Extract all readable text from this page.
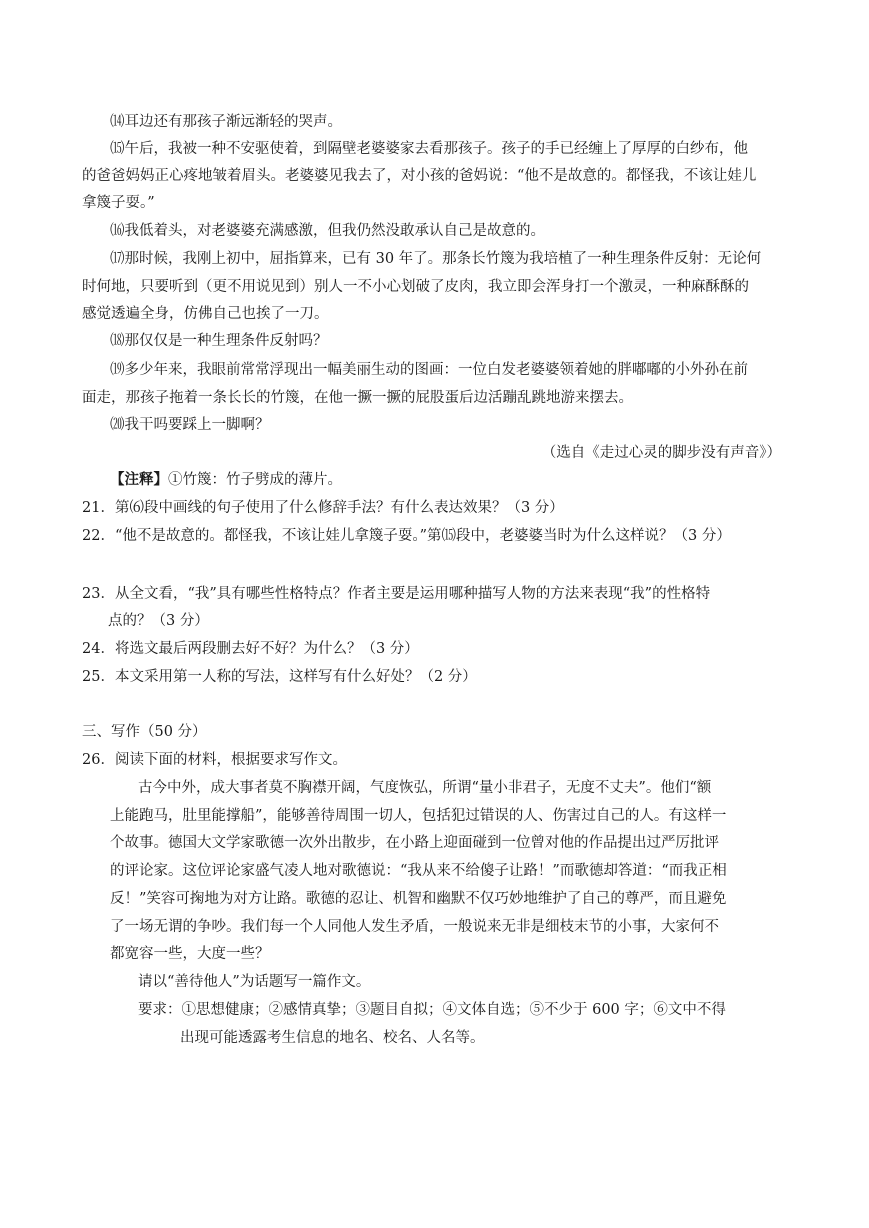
⒁耳边还有那孩子渐远渐轻的哭声。
⒂午后，我被一种不安驱使着，到隔壁老婆婆家去看那孩子。孩子的手已经缠上了厚厚的白纱布，他
的爸爸妈妈正心疼地皱着眉头。老婆婆见我去了，对小孩的爸妈说：“他不是故意的。都怪我，不该让娃儿
拿篾子耍。”
⒃我低着头，对老婆婆充满感激，但我仍然没敢承认自己是故意的。
⒄那时候，我刚上初中，屈指算来，已有 30 年了。那条长竹篾为我培植了一种生理条件反射：无论何
时何地，只要听到（更不用说见到）别人一不小心划破了皮肉，我立即会浑身打一个激灵，一种麻酥酥的
感觉透遍全身，仿佛自己也挨了一刀。
⒅那仅仅是一种生理条件反射吗？
⒆多少年来，我眼前常常浮现出一幅美丽生动的图画：一位白发老婆婆领着她的胖嘟嘟的小外孙在前
面走，那孩子拖着一条长长的竹篾，在他一撅一撅的屁股蛋后边活蹦乱跳地游来摆去。
⒇我干吗要踩上一脚啊？
（选自《走过心灵的脚步没有声音》）
【注释】①竹篾：竹子劈成的薄片。
21．第⑹段中画线的句子使用了什么修辞手法？有什么表达效果？（3 分）
22．“他不是故意的。都怪我，不该让娃儿拿篾子耍。”第⒂段中，老婆婆当时为什么这样说？（3 分）
23．从全文看，“我”具有哪些性格特点？作者主要是运用哪种描写人物的方法来表现“我”的性格特
点的？（3 分）
24．将选文最后两段删去好不好？为什么？（3 分）
25．本文采用第一人称的写法，这样写有什么好处？（2 分）
三、写作（50 分）
26．阅读下面的材料，根据要求写作文。
古今中外，成大事者莫不胸襟开阔，气度恢弘，所谓“量小非君子，无度不丈夫”。他们“额
上能跑马，肚里能撑船”，能够善待周围一切人，包括犯过错误的人、伤害过自己的人。有这样一
个故事。德国大文学家歌德一次外出散步，在小路上迎面碰到一位曾对他的作品提出过严厉批评
的评论家。这位评论家盛气凌人地对歌德说：“我从来不给傻子让路！”而歌德却答道：“而我正相
反！”笑容可掬地为对方让路。歌德的忍让、机智和幽默不仅巧妙地维护了自己的尊严，而且避免
了一场无谓的争吵。我们每一个人同他人发生矛盾，一般说来无非是细枝末节的小事，大家何不
都宽容一些，大度一些？
请以“善待他人”为话题写一篇作文。
要求：①思想健康；②感情真挚；③题目自拟；④文体自选；⑤不少于 600 字；⑥文中不得
出现可能透露考生信息的地名、校名、人名等。
